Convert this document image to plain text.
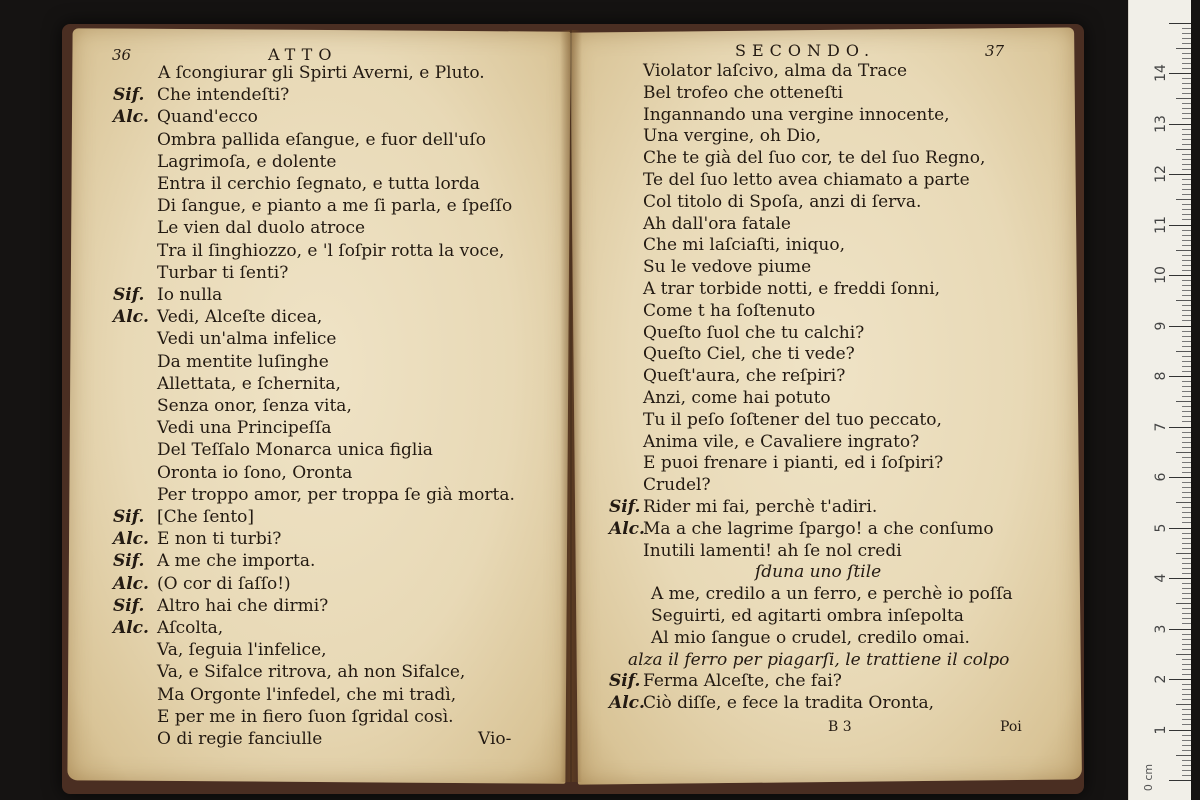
36	ATTO
A ſcongiurar gli Spirti Averni, e Pluto.
Sif. Che intendeſti?
Alc. Quand'ecco
Ombra pallida eſangue, e fuor dell'uſo
Lagrimoſa, e dolente
Entra il cerchio ſegnato, e tutta lorda
Di ſangue, e pianto a me ſi parla, e ſpeſſo
Le vien dal duolo atroce
Tra il ſinghiozzo, e 'l ſoſpir rotta la voce,
Turbar ti ſenti?
Sif. Io nulla
Alc. Vedi, Alceſte dicea,
Vedi un'alma infelice
Da mentite luſinghe
Allettata, e ſchernita,
Senza onor, ſenza vita,
Vedi una Principeſſa
Del Teſſalo Monarca unica figlia
Oronta io ſono, Oronta
Per troppo amor, per troppa ſe già morta.
Sif. [Che ſento]
Alc. E non ti turbi?
Sif. A me che importa.
Alc. (O cor di ſaſſo!)
Sif. Altro hai che dirmi?
Alc. Aſcolta,
Va, ſeguia l'infelice,
Va, e Sifalce ritrova, ah non Sifalce,
Ma Orgonte l'infedel, che mi tradì,
E per me in fiero ſuon ſgridal così.
O di regie fanciulle	Vio-
SECONDO.	37
Violator laſcivo, alma da Trace
Bel trofeo che otteneſti
Ingannando una vergine innocente,
Una vergine, oh Dio,
Che te già del ſuo cor, te del ſuo Regno,
Te del ſuo letto avea chiamato a parte
Col titolo di Spoſa, anzi di ſerva.
Ah dall'ora fatale
Che mi laſciaſti, iniquo,
Su le vedove piume
A trar torbide notti, e freddi ſonni,
Come t ha ſoſtenuto
Queſto ſuol che tu calchi?
Queſto Ciel, che ti vede?
Queſt'aura, che reſpiri?
Anzi, come hai potuto
Tu il peſo ſoſtener del tuo peccato,
Anima vile, e Cavaliere ingrato?
E puoi frenare i pianti, ed i ſoſpiri?
Crudel?
Sif. Rider mi fai, perchè t'adiri.
Alc.
Ma a che lagrime ſpargo! a che conſumo
Inutili lamenti! ah ſe nol credi
ſduna uno ſtile
A me, credilo a un ferro, e perchè io poſſa
Seguirti, ed agitarti ombra inſepolta
Al mio ſangue o crudel, credilo omai.
alza il ferro per piagarſi, le trattiene il colpo
Sif. Ferma Alceſte, che fai?
Alc.
Ciò diſſe, e fece la tradita Oronta,
B 3	Poi	1
2
3
4
5
6
7
8
9
10
11
12
13
14
0 cm
